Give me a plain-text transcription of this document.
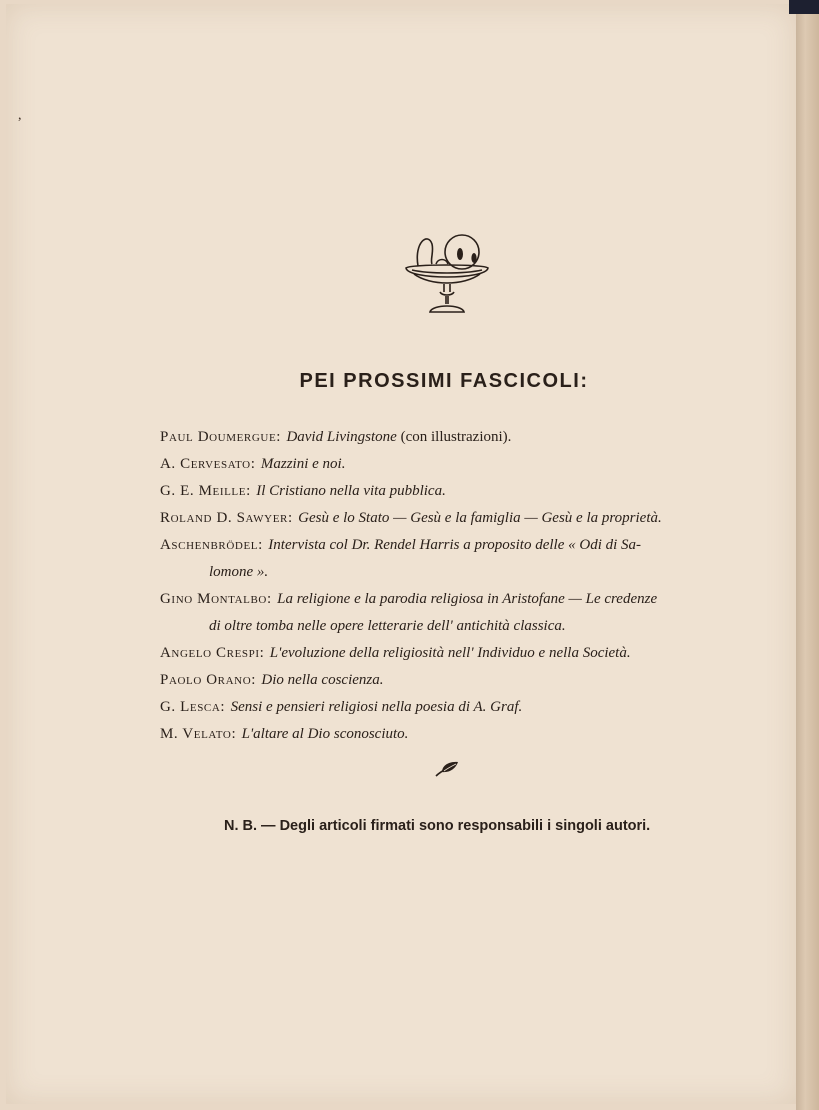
,
PEI PROSSIMI FASCICOLI:
Paul Doumergue: David Livingstone (con illustrazioni).
A. Cervesato: Mazzini e noi.
G. E. Meille: Il Cristiano nella vita pubblica.
Roland D. Sawyer: Gesù e lo Stato — Gesù e la famiglia — Gesù e la proprietà.
Aschenbrödel: Intervista col Dr. Rendel Harris a proposito delle « Odi di Sa-
lomone ».
Gino Montalbo: La religione e la parodia religiosa in Aristofane — Le credenze
di oltre tomba nelle opere letterarie dell' antichità classica.
Angelo Crespi: L'evoluzione della religiosità nell' Individuo e nella Società.
Paolo Orano: Dio nella coscienza.
G. Lesca: Sensi e pensieri religiosi nella poesia di A. Graf.
M. Velato: L'altare al Dio sconosciuto.
N. B. — Degli articoli firmati sono responsabili i singoli autori.
